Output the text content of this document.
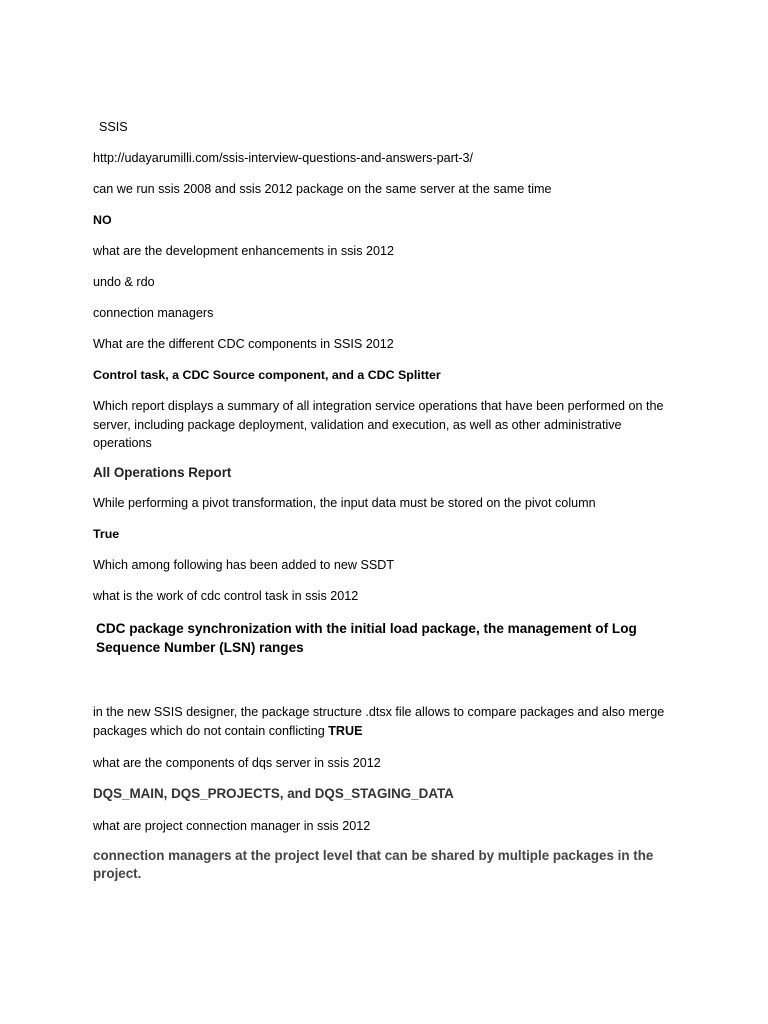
SSIS
http://udayarumilli.com/ssis-interview-questions-and-answers-part-3/
can we run ssis 2008 and ssis 2012 package on the same server at the same time
NO
what are the development enhancements in ssis 2012
undo & rdo
connection managers
What are the different CDC components in SSIS 2012
Control task, a CDC Source component, and a CDC Splitter
Which report displays a summary of all integration service operations that have been performed on the server, including package deployment, validation and execution, as well as other administrative operations
All Operations Report
While performing a pivot transformation, the input data must be stored on the pivot column
True
Which among following has been added to new SSDT
what is the work of cdc control task in ssis 2012
CDC package synchronization with the initial load package, the management of Log Sequence Number (LSN) ranges
in the new SSIS designer, the package structure .dtsx file allows to compare packages and also merge packages which do not contain conflicting TRUE
what are the components of dqs server in ssis 2012
DQS_MAIN, DQS_PROJECTS, and DQS_STAGING_DATA
what are project connection manager in ssis 2012
connection managers at the project level that can be shared by multiple packages in the project.
